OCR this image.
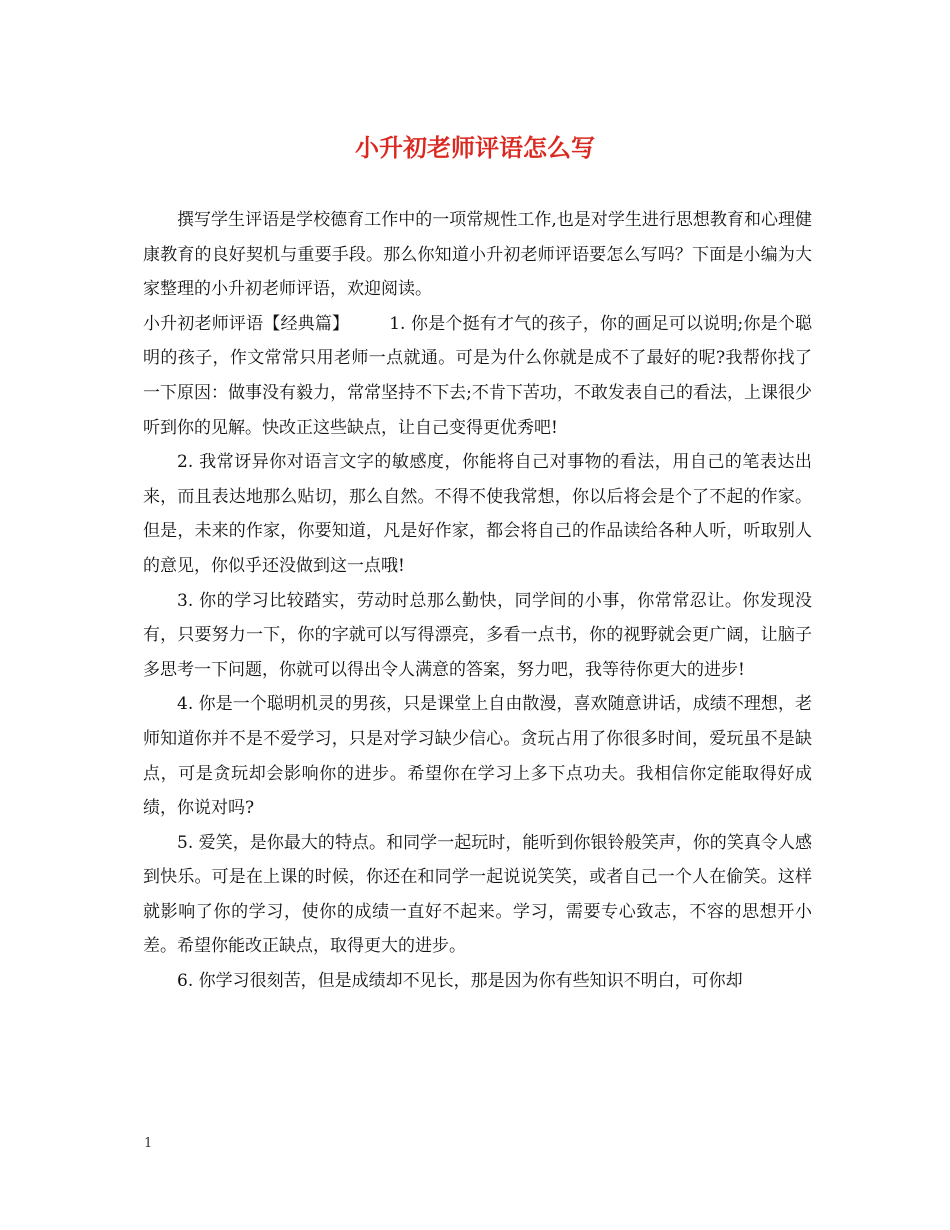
小升初老师评语怎么写

撰写学生评语是学校德育工作中的一项常规性工作,也是对学生进行思想教育和心理健康教育的良好契机与重要手段。那么你知道小升初老师评语要怎么写吗？下面是小编为大家整理的小升初老师评语，欢迎阅读。

小升初老师评语【经典篇】 1. 你是个挺有才气的孩子，你的画足可以说明;你是个聪明的孩子，作文常常只用老师一点就通。可是为什么你就是成不了最好的呢?我帮你找了一下原因：做事没有毅力，常常坚持不下去;不肯下苦功，不敢发表自己的看法，上课很少听到你的见解。快改正这些缺点，让自己变得更优秀吧!

2. 我常讶异你对语言文字的敏感度，你能将自己对事物的看法，用自己的笔表达出来，而且表达地那么贴切，那么自然。不得不使我常想，你以后将会是个了不起的作家。但是，未来的作家，你要知道，凡是好作家，都会将自己的作品读给各种人听，听取别人的意见，你似乎还没做到这一点哦!

3. 你的学习比较踏实，劳动时总那么勤快，同学间的小事，你常常忍让。你发现没有，只要努力一下，你的字就可以写得漂亮，多看一点书，你的视野就会更广阔，让脑子多思考一下问题，你就可以得出令人满意的答案，努力吧，我等待你更大的进步!

4. 你是一个聪明机灵的男孩，只是课堂上自由散漫，喜欢随意讲话，成绩不理想，老师知道你并不是不爱学习，只是对学习缺少信心。贪玩占用了你很多时间，爱玩虽不是缺点，可是贪玩却会影响你的进步。希望你在学习上多下点功夫。我相信你定能取得好成绩，你说对吗?

5. 爱笑，是你最大的特点。和同学一起玩时，能听到你银铃般笑声，你的笑真令人感到快乐。可是在上课的时候，你还在和同学一起说说笑笑，或者自己一个人在偷笑。这样就影响了你的学习，使你的成绩一直好不起来。学习，需要专心致志，不容的思想开小差。希望你能改正缺点，取得更大的进步。

6. 你学习很刻苦，但是成绩却不见长，那是因为你有些知识不明白，可你却

1
